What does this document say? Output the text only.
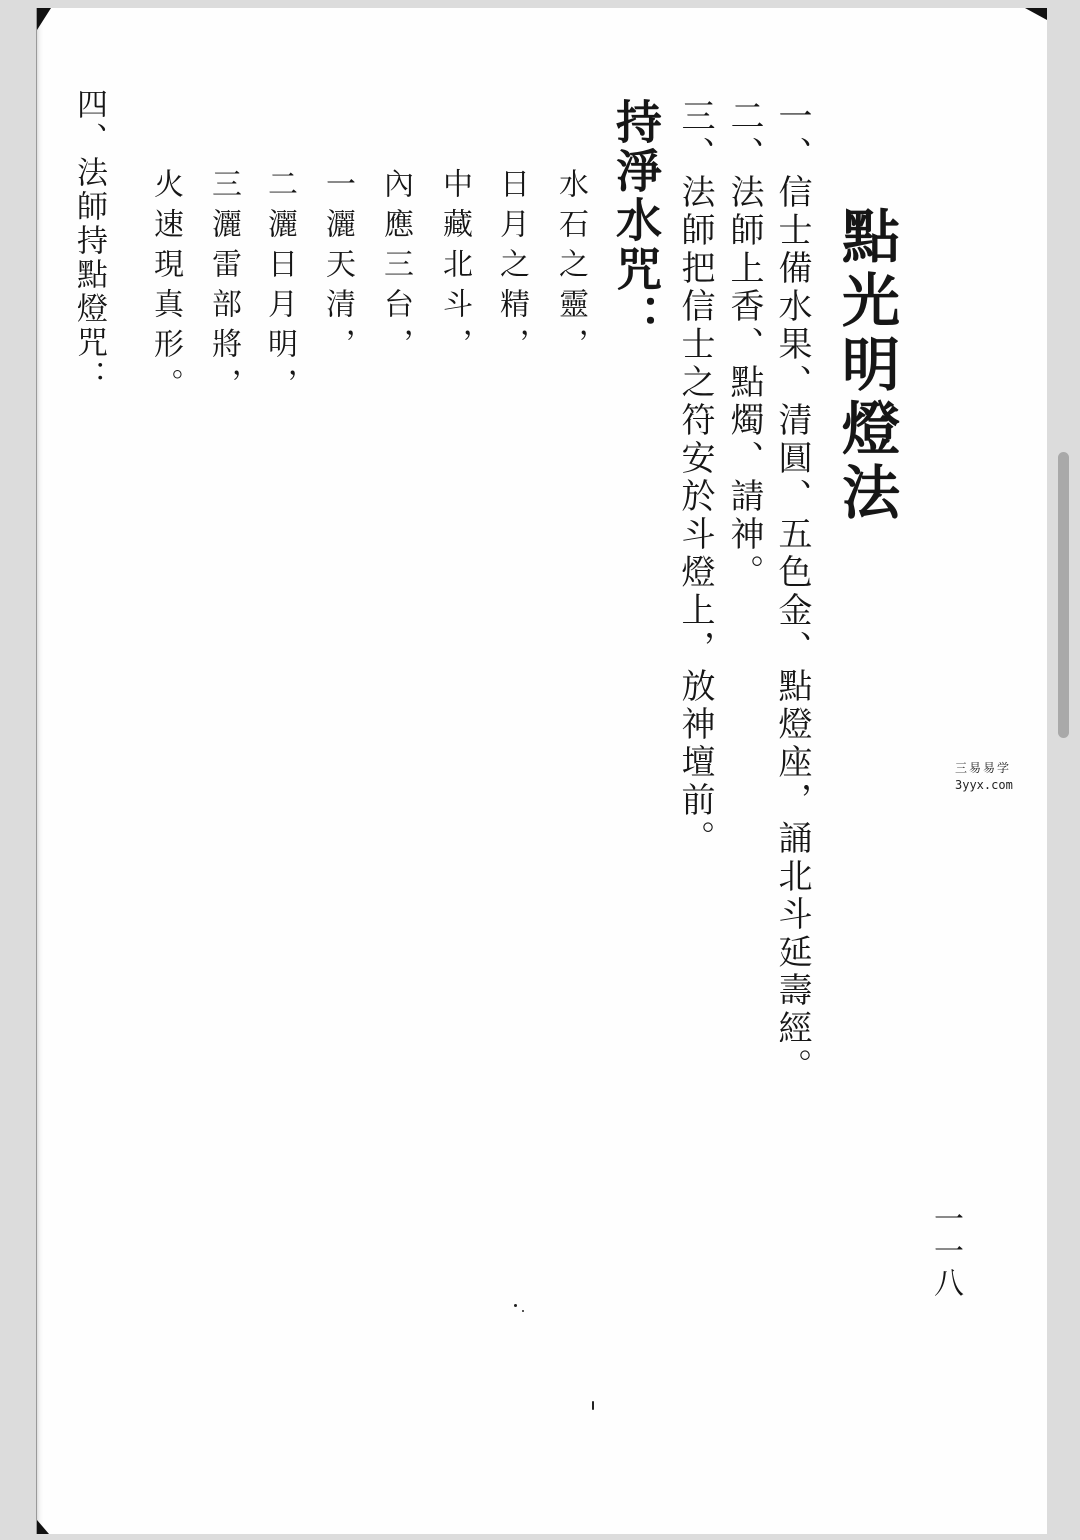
點光明燈法
一、信士備水果、清圓、五色金、點燈座，誦北斗延壽經。
二、法師上香、點燭、請神。
三、法師把信士之符安於斗燈上，放神壇前。
持淨水咒：
水石之靈，
日月之精，
中藏北斗，
內應三台，
一灑天清，
二灑日月明，
三灑雷部將，
火速現真形。
四、法師持點燈咒：
一一八
三易易学
3yyx.com
